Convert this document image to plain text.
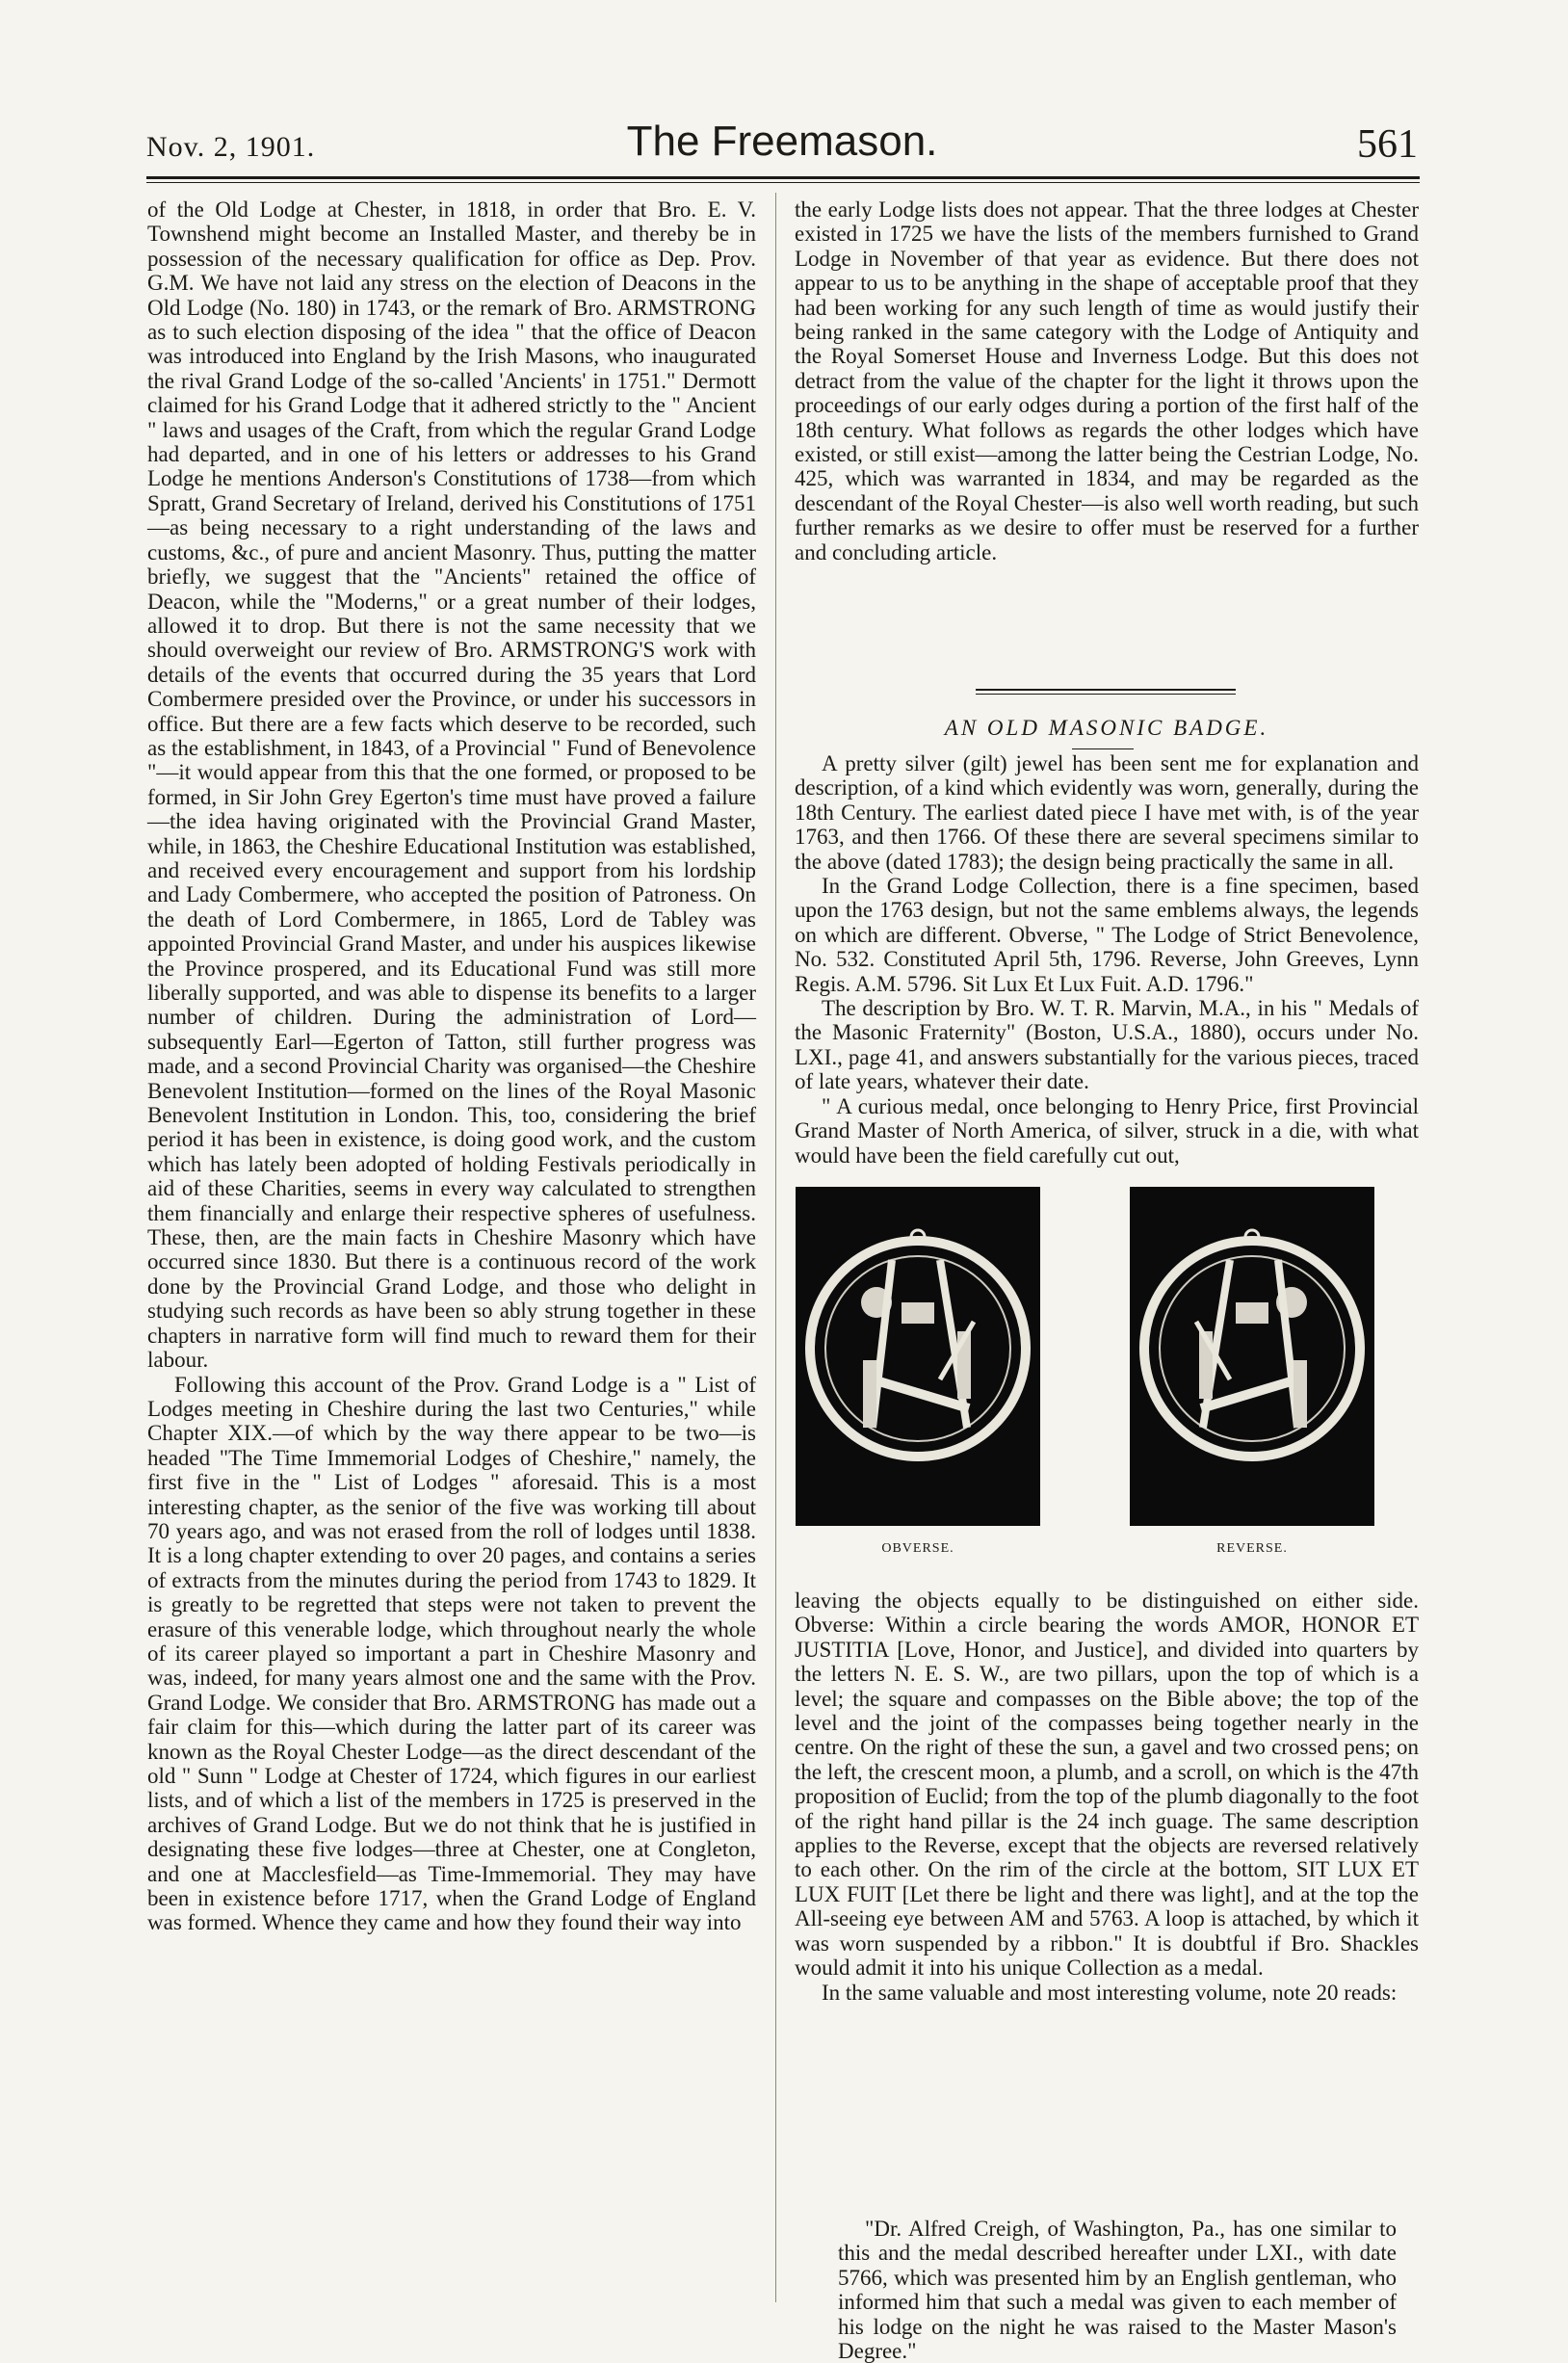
Nov. 2, 1901.	The Freemason.	561

of the Old Lodge at Chester, in 1818, in order that Bro. E. V. Townshend might become an Installed Master, and thereby be in possession of the necessary qualification for office as Dep. Prov. G.M. We have not laid any stress on the election of Deacons in the Old Lodge (No. 180) in 1743, or the remark of Bro. ARMSTRONG as to such election disposing of the idea " that the office of Deacon was introduced into England by the Irish Masons, who inaugurated the rival Grand Lodge of the so-called 'Ancients' in 1751." Dermott claimed for his Grand Lodge that it adhered strictly to the " Ancient " laws and usages of the Craft, from which the regular Grand Lodge had departed, and in one of his letters or addresses to his Grand Lodge he mentions Anderson's Constitutions of 1738—from which Spratt, Grand Secretary of Ireland, derived his Constitutions of 1751—as being necessary to a right understanding of the laws and customs, &c., of pure and ancient Masonry. Thus, putting the matter briefly, we suggest that the "Ancients" retained the office of Deacon, while the "Moderns," or a great number of their lodges, allowed it to drop. But there is not the same necessity that we should overweight our review of Bro. ARMSTRONG'S work with details of the events that occurred during the 35 years that Lord Combermere presided over the Province, or under his successors in office. But there are a few facts which deserve to be recorded, such as the establishment, in 1843, of a Provincial " Fund of Benevolence "—it would appear from this that the one formed, or proposed to be formed, in Sir John Grey Egerton's time must have proved a failure—the idea having originated with the Provincial Grand Master, while, in 1863, the Cheshire Educational Institution was established, and received every encouragement and support from his lordship and Lady Combermere, who accepted the position of Patroness. On the death of Lord Combermere, in 1865, Lord de Tabley was appointed Provincial Grand Master, and under his auspices likewise the Province prospered, and its Educational Fund was still more liberally supported, and was able to dispense its benefits to a larger number of children. During the administration of Lord—subsequently Earl—Egerton of Tatton, still further progress was made, and a second Provincial Charity was organised—the Cheshire Benevolent Institution—formed on the lines of the Royal Masonic Benevolent Institution in London. This, too, considering the brief period it has been in existence, is doing good work, and the custom which has lately been adopted of holding Festivals periodically in aid of these Charities, seems in every way calculated to strengthen them financially and enlarge their respective spheres of usefulness. These, then, are the main facts in Cheshire Masonry which have occurred since 1830. But there is a continuous record of the work done by the Provincial Grand Lodge, and those who delight in studying such records as have been so ably strung together in these chapters in narrative form will find much to reward them for their labour.

Following this account of the Prov. Grand Lodge is a " List of Lodges meeting in Cheshire during the last two Centuries," while Chapter XIX.—of which by the way there appear to be two—is headed "The Time Immemorial Lodges of Cheshire," namely, the first five in the " List of Lodges " aforesaid. This is a most interesting chapter, as the senior of the five was working till about 70 years ago, and was not erased from the roll of lodges until 1838. It is a long chapter extending to over 20 pages, and contains a series of extracts from the minutes during the period from 1743 to 1829. It is greatly to be regretted that steps were not taken to prevent the erasure of this venerable lodge, which throughout nearly the whole of its career played so important a part in Cheshire Masonry and was, indeed, for many years almost one and the same with the Prov. Grand Lodge. We consider that Bro. ARMSTRONG has made out a fair claim for this—which during the latter part of its career was known as the Royal Chester Lodge—as the direct descendant of the old " Sunn " Lodge at Chester of 1724, which figures in our earliest lists, and of which a list of the members in 1725 is preserved in the archives of Grand Lodge. But we do not think that he is justified in designating these five lodges—three at Chester, one at Congleton, and one at Macclesfield—as Time-Immemorial. They may have been in existence before 1717, when the Grand Lodge of England was formed. Whence they came and how they found their way into

the early Lodge lists does not appear. That the three lodges at Chester existed in 1725 we have the lists of the members furnished to Grand Lodge in November of that year as evidence. But there does not appear to us to be anything in the shape of acceptable proof that they had been working for any such length of time as would justify their being ranked in the same category with the Lodge of Antiquity and the Royal Somerset House and Inverness Lodge. But this does not detract from the value of the chapter for the light it throws upon the proceedings of our early odges during a portion of the first half of the 18th century. What follows as regards the other lodges which have existed, or still exist—among the latter being the Cestrian Lodge, No. 425, which was warranted in 1834, and may be regarded as the descendant of the Royal Chester—is also well worth reading, but such further remarks as we desire to offer must be reserved for a further and concluding article.

AN OLD MASONIC BADGE.

A pretty silver (gilt) jewel has been sent me for explanation and description, of a kind which evidently was worn, generally, during the 18th Century. The earliest dated piece I have met with, is of the year 1763, and then 1766. Of these there are several specimens similar to the above (dated 1783); the design being practically the same in all.

In the Grand Lodge Collection, there is a fine specimen, based upon the 1763 design, but not the same emblems always, the legends on which are different. Obverse, " The Lodge of Strict Benevolence, No. 532. Constituted April 5th, 1796. Reverse, John Greeves, Lynn Regis. A.M. 5796. Sit Lux Et Lux Fuit. A.D. 1796."

The description by Bro. W. T. R. Marvin, M.A., in his " Medals of the Masonic Fraternity" (Boston, U.S.A., 1880), occurs under No. LXI., page 41, and answers substantially for the various pieces, traced of late years, whatever their date.

" A curious medal, once belonging to Henry Price, first Provincial Grand Master of North America, of silver, struck in a die, with what would have been the field carefully cut out,

OBVERSE.	REVERSE.

leaving the objects equally to be distinguished on either side. Obverse: Within a circle bearing the words AMOR, HONOR ET JUSTITIA [Love, Honor, and Justice], and divided into quarters by the letters N. E. S. W., are two pillars, upon the top of which is a level; the square and compasses on the Bible above; the top of the level and the joint of the compasses being together nearly in the centre. On the right of these the sun, a gavel and two crossed pens; on the left, the crescent moon, a plumb, and a scroll, on which is the 47th proposition of Euclid; from the top of the plumb diagonally to the foot of the right hand pillar is the 24 inch guage. The same description applies to the Reverse, except that the objects are reversed relatively to each other. On the rim of the circle at the bottom, SIT LUX ET LUX FUIT [Let there be light and there was light], and at the top the All-seeing eye between AM and 5763. A loop is attached, by which it was worn suspended by a ribbon." It is doubtful if Bro. Shackles would admit it into his unique Collection as a medal.

In the same valuable and most interesting volume, note 20 reads:

"Dr. Alfred Creigh, of Washington, Pa., has one similar to this and the medal described hereafter under LXI., with date 5766, which was presented him by an English gentleman, who informed him that such a medal was given to each member of his lodge on the night he was raised to the Master Mason's Degree."
